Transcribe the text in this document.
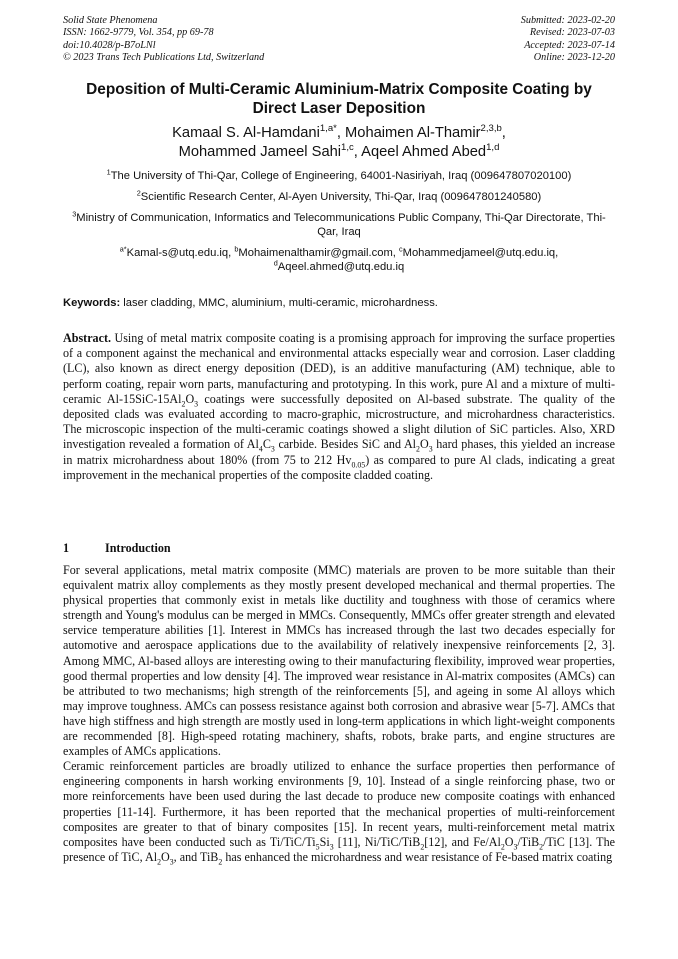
Solid State Phenomena
ISSN: 1662-9779, Vol. 354, pp 69-78
doi:10.4028/p-B7oLNl
© 2023 Trans Tech Publications Ltd, Switzerland
Submitted: 2023-02-20
Revised: 2023-07-03
Accepted: 2023-07-14
Online: 2023-12-20
Deposition of Multi-Ceramic Aluminium-Matrix Composite Coating by
Direct Laser Deposition
Kamaal S. Al-Hamdani$^{1,a*}$, Mohaimen Al-Thamir$^{2,3,b}$,
Mohammed Jameel Sahi$^{1,c}$, Aqeel Ahmed Abed$^{1,d}$

$^1$The University of Thi-Qar, College of Engineering, 64001-Nasiriyah, Iraq (009647807020100)

$^2$Scientific Research Center, Al-Ayen University, Thi-Qar, Iraq (009647801240580)

$^3$Ministry of Communication, Informatics and Telecommunications Public Company, Thi-Qar Directorate, Thi-Qar, Iraq

$^{a*}$Kamal-s@utq.edu.iq, $^b$Mohaimenalthamir@gmail.com, $^c$Mohammedjameel@utq.edu.iq,
$^d$Aqeel.ahmed@utq.edu.iq

Keywords: laser cladding, MMC, aluminium, multi-ceramic, microhardness.

Abstract. Using of metal matrix composite coating is a promising approach for improving the surface properties of a component against the mechanical and environmental attacks especially wear and corrosion. Laser cladding (LC), also known as direct energy deposition (DED), is an additive manufacturing (AM) technique, able to perform coating, repair worn parts, manufacturing and prototyping. In this work, pure Al and a mixture of multi-ceramic $Al-15SiC-15Al_2O_3$ coatings were successfully deposited on Al-based substrate. The quality of the deposited clads was evaluated according to macro-graphic, microstructure, and microhardness characteristics. The microscopic inspection of the multi-ceramic coatings showed a slight dilution of SiC particles. Also, XRD investigation revealed a formation of $Al_4C_3$ carbide. Besides SiC and $Al_2O_3$ hard phases, this yielded an increase in matrix microhardness about 180% (from 75 to 212 $Hv_{0.05}$) as compared to pure Al clads, indicating a great improvement in the mechanical properties of the composite cladded coating.

1	Introduction

For several applications, metal matrix composite (MMC) materials are proven to be more suitable than their equivalent matrix alloy complements as they mostly present developed mechanical and thermal properties. The physical properties that commonly exist in metals like ductility and toughness with those of ceramics where strength and Young's modulus can be merged in MMCs. Consequently, MMCs offer greater strength and elevated service temperature abilities [1]. Interest in MMCs has increased through the last two decades especially for automotive and aerospace applications due to the availability of relatively inexpensive reinforcements [2, 3]. Among MMC, Al-based alloys are interesting owing to their manufacturing flexibility, improved wear properties, good thermal properties and low density [4]. The improved wear resistance in Al-matrix composites (AMCs) can be attributed to two mechanisms; high strength of the reinforcements [5], and ageing in some Al alloys which may improve toughness. AMCs can possess resistance against both corrosion and abrasive wear [5-7]. AMCs that have high stiffness and high strength are mostly used in long-term applications in which light-weight components are recommended [8]. High-speed rotating machinery, shafts, robots, brake parts, and engine structures are examples of AMCs applications.

Ceramic reinforcement particles are broadly utilized to enhance the surface properties then performance of engineering components in harsh working environments [9, 10]. Instead of a single reinforcing phase, two or more reinforcements have been used during the last decade to produce new composite coatings with enhanced properties [11-14]. Furthermore, it has been reported that the mechanical properties of multi-reinforcement composites are greater to that of binary composites [15]. In recent years, multi-reinforcement metal matrix composites have been conducted such as $Ti/TiC/Ti_5Si_3$ [11], Ni/TiC/TiB$_2$[12], and $Fe/Al_2O_3/TiB_2$/TiC [13]. The presence of TiC, $Al_2O_3$, and TiB$_2$ has enhanced the microhardness and wear resistance of Fe-based matrix coating
